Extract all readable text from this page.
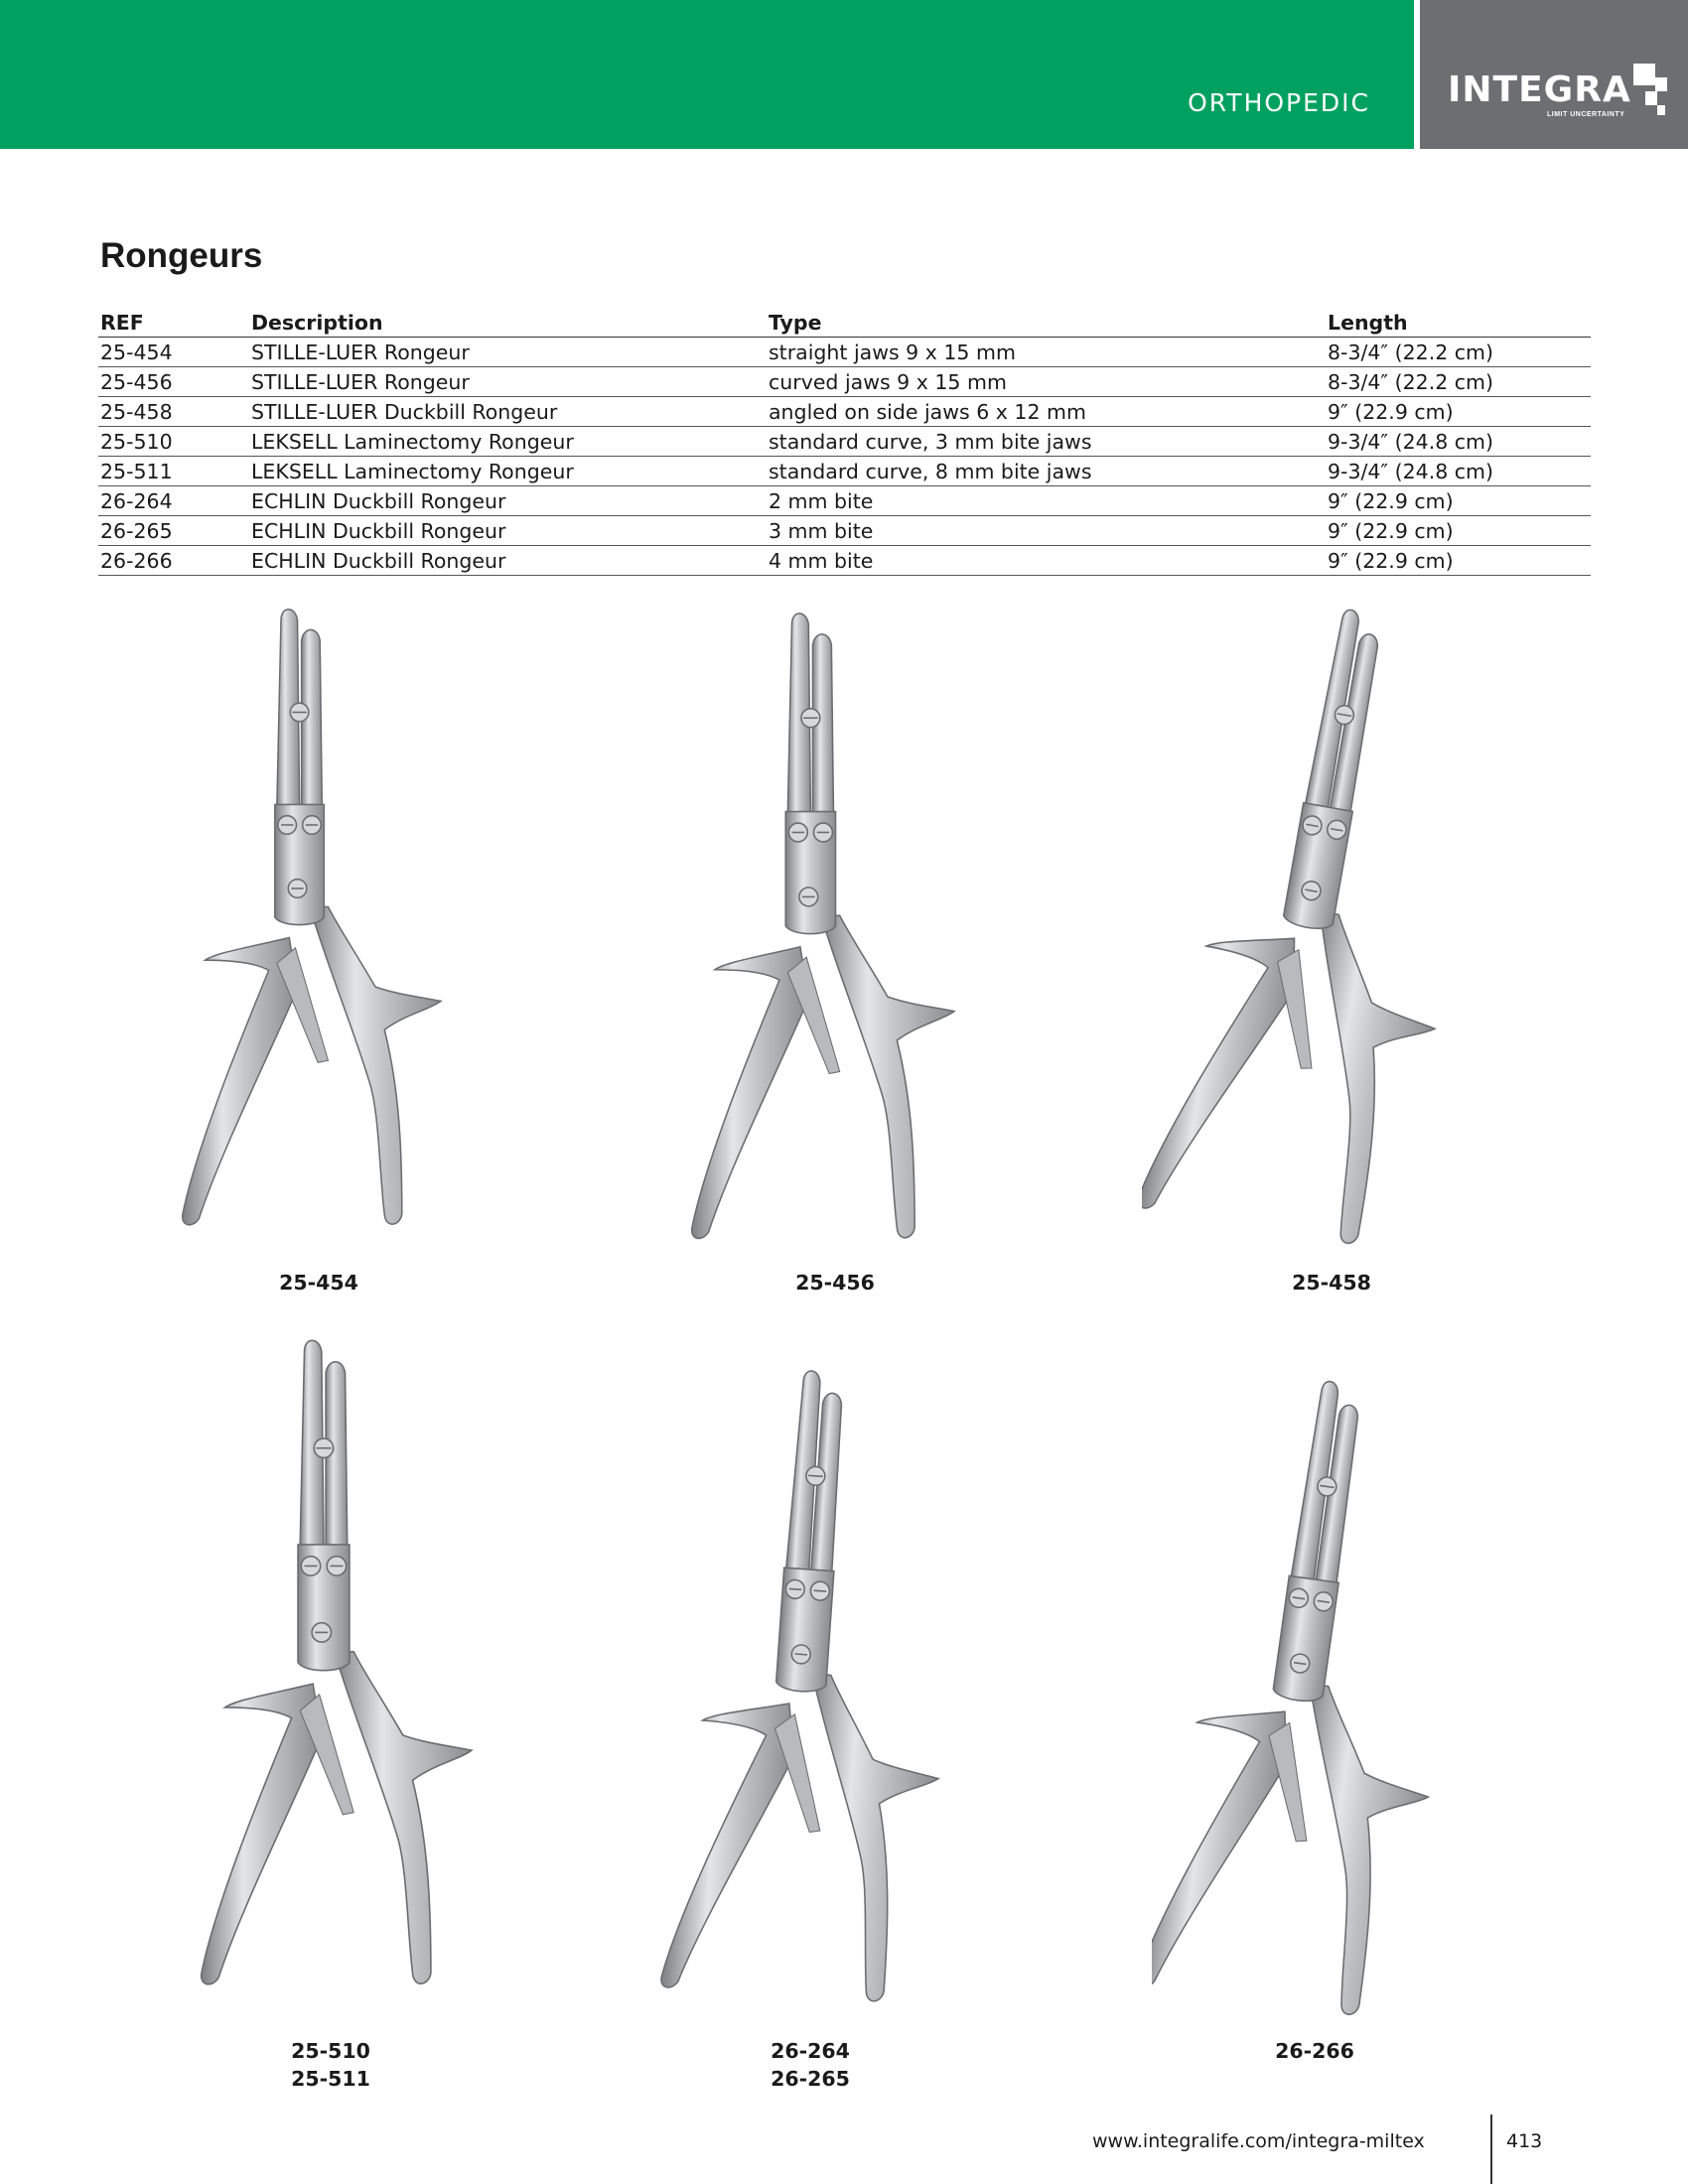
ORTHOPEDIC INTEGRA
LIMIT UNCERTAINTY
Rongeurs
REF	Description	Type	Length
25-454	STILLE-LUER Rongeur	straight jaws 9 x 15 mm	8-3/4″ (22.2 cm)
25-456	STILLE-LUER Rongeur	curved jaws 9 x 15 mm	8-3/4″ (22.2 cm)
25-458	STILLE-LUER Duckbill Rongeur	angled on side jaws 6 x 12 mm	9″ (22.9 cm)
25-510	LEKSELL Laminectomy Rongeur	standard curve, 3 mm bite jaws	9-3/4″ (24.8 cm)
25-511	LEKSELL Laminectomy Rongeur	standard curve, 8 mm bite jaws	9-3/4″ (24.8 cm)
26-264	ECHLIN Duckbill Rongeur	2 mm bite	9″ (22.9 cm)
26-265	ECHLIN Duckbill Rongeur	3 mm bite	9″ (22.9 cm)
26-266	ECHLIN Duckbill Rongeur	4 mm bite	9″ (22.9 cm)
25-454	25-456	25-458
25-510
25-511
26-264
26-265
26-266
www.integralife.com/integra-miltex	413
